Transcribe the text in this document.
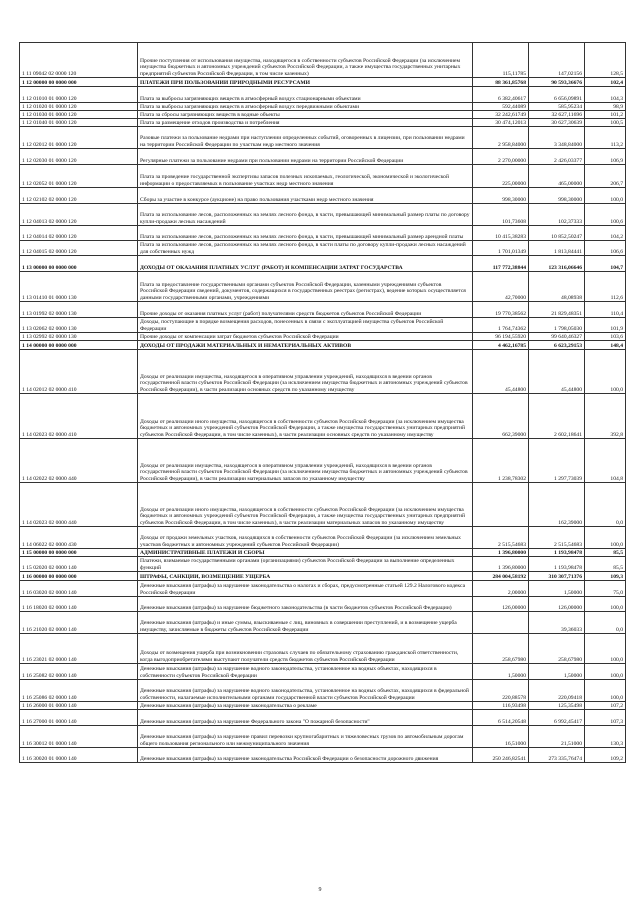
1 11 09042 02 0000 120	Прочие поступления от использования имущества, находящегося в собственности субъектов Российской Федерации (за исключением имущества бюджетных и автономных учреждений субъектов Российской Федерации, а также имущества государственных унитарных предприятий субъектов Российской Федерации, в том числе казенных)	115,11785	147,02156	128,5
1 12 00000 00 0000 000	ПЛАТЕЖИ ПРИ ПОЛЬЗОВАНИИ ПРИРОДНЫМИ РЕСУРСАМИ	88 361,85768	90 593,36676	102,4
1 12 01010 01 0000 120	Плата за выбросы загрязняющих веществ в атмосферный воздух стационарными объектами	6 382,40617	6 656,09891	104,3
1 12 01020 01 0000 120	Плата за выбросы загрязняющих веществ в атмосферный воздух передвижными объектами	592,44089	585,95234	98,9
1 12 01030 01 0000 120	Плата за сбросы загрязняющих веществ в водные объекты	32 242,61749	32 627,11696	101,2
1 12 01040 01 0000 120	Плата за размещение отходов производства и потребления	30 474,12013	30 627,30639	100,5
1 12 02012 01 0000 120	Разовые платежи за пользование недрами при наступлении определенных событий, оговоренных в лицензии, при пользовании недрами на территории Российской Федерации по участкам недр местного значения	2 958,84000	3 348,84000	113,2
1 12 02030 01 0000 120	Регулярные платежи за пользование недрами при пользовании недрами на территории Российской Федерации	2 270,00000	2 426,03377	106,9
1 12 02052 01 0000 120	Плата за проведение государственной экспертизы запасов полезных ископаемых, геологической, экономической и экологической информации о предоставляемых в пользование участках недр местного значения	225,00000	465,00000	206,7
1 12 02102 02 0000 120	Сборы за участие в конкурсе (аукционе) на право пользования участками недр местного значения	998,30000	998,30000	100,0
1 12 04013 02 0000 120	Плата за использование лесов, расположенных на землях лесного фонда, в части, превышающей минимальный размер платы по договору купли-продажи лесных насаждений	101,73608	102,37333	100,6
1 12 04014 02 0000 120	Плата за использование лесов, расположенных на землях лесного фонда, в части, превышающей минимальный размер арендной платы	10 415,38283	10 852,50247	104,2
1 12 04015 02 0000 120	Плата за использование лесов, расположенных на землях лесного фонда, в части платы по договору купли-продажи лесных насаждений для собственных нужд	1 701,01349	1 813,84441	106,6
1 13 00000 00 0000 000	ДОХОДЫ ОТ ОКАЗАНИЯ ПЛАТНЫХ УСЛУГ (РАБОТ) И КОМПЕНСАЦИИ ЗАТРАТ ГОСУДАРСТВА	117 772,38844	123 316,06646	104,7
1 13 01410 01 0000 130	Плата за предоставление государственными органами субъектов Российской Федерации, казенными учреждениями субъектов Российской Федерации сведений, документов, содержащихся в государственных реестрах (регистрах), ведение которых осуществляется данными государственными органами, учреждениями	42,70000	48,08938	112,6
1 13 01992 02 0000 130	Прочие доходы от оказания платных услуг (работ) получателями средств бюджетов субъектов Российской Федерации	19 770,38562	21 829,48351	110,4
1 13 02062 02 0000 130	Доходы, поступающие в порядке возмещения расходов, понесенных в связи с эксплуатацией имущества субъектов Российской Федерации	1 764,74362	1 798,05030	101,9
1 13 02992 02 0000 130	Прочие доходы от компенсации затрат бюджетов субъектов Российской Федерации	96 194,55920	99 640,46327	103,6
1 14 00000 00 0000 000	ДОХОДЫ ОТ ПРОДАЖИ МАТЕРИАЛЬНЫХ И НЕМАТЕРИАЛЬНЫХ АКТИВОВ	4 462,16785	6 623,29153	148,4
1 14 02012 02 0000 410	Доходы от реализации имущества, находящегося в оперативном управлении учреждений, находящихся в ведении органов государственной власти субъектов Российской Федерации (за исключением имущества бюджетных и автономных учреждений субъектов Российской Федерации), в части реализации основных средств по указанному имуществу	45,44800	45,44800	100,0
1 14 02023 02 0000 410	Доходы от реализации иного имущества, находящегося в собственности субъектов Российской Федерации (за исключением имущества бюджетных и автономных учреждений субъектов Российской Федерации, а также имущества государственных унитарных предприятий субъектов Российской Федерации, в том числе казенных), в части реализации основных средств по указанному имуществу	662,39000	2 602,18641	392,8
1 14 02022 02 0000 440	Доходы от реализации имущества, находящегося в оперативном управлении учреждений, находящихся в ведении органов государственной власти субъектов Российской Федерации (за исключением имущества бюджетных и автономных учреждений субъектов Российской Федерации), в части реализации материальных запасов по указанному имуществу	1 238,78302	1 297,73039	104,8
1 14 02023 02 0000 440	Доходы от реализации иного имущества, находящегося в собственности субъектов Российской Федерации (за исключением имущества бюджетных и автономных учреждений субъектов Российской Федерации, а также имущества государственных унитарных предприятий субъектов Российской Федерации, в том числе казенных), в части реализации материальных запасов по указанному имуществу		162,39000	0,0
1 14 06022 02 0000 430	Доходы от продажи земельных участков, находящихся в собственности субъектов Российской Федерации (за исключением земельных участков бюджетных и автономных учреждений субъектов Российской Федерации)	2 515,54683	2 515,54683	100,0
1 15 00000 00 0000 000	АДМИНИСТРАТИВНЫЕ ПЛАТЕЖИ И СБОРЫ	1 396,80000	1 193,98478	85,5
1 15 02020 02 0000 140	Платежи, взимаемые государственными органами (организациями) субъектов Российской Федерации за выполнение определенных функций	1 396,80000	1 193,98478	85,5
1 16 00000 00 0000 000	ШТРАФЫ, САНКЦИИ, ВОЗМЕЩЕНИЕ УЩЕРБА	284 004,58192	310 307,71376	109,3
1 16 03020 02 0000 140	Денежные взыскания (штрафы) за нарушение законодательства о налогах и сборах, предусмотренные статьей 129.2 Налогового кодекса Российской Федерации	2,00000	1,50000	75,0
1 16 18020 02 0000 140	Денежные взыскания (штрафы) за нарушение бюджетного законодательства (в части бюджетов субъектов Российской Федерации)	126,00000	126,00000	100,0
1 16 21020 02 0000 140	Денежные взыскания (штрафы) и иные суммы, взыскиваемые с лиц, виновных в совершении преступлений, и в возмещение ущерба имуществу, зачисляемые в бюджеты субъектов Российской Федерации		39,36033	0,0
1 16 23021 02 0000 140	Доходы от возмещения ущерба при возникновении страховых случаев по обязательному страхованию гражданской ответственности, когда выгодоприобретателями выступают получатели средств бюджетов субъектов Российской Федерации	258,67980	258,67980	100,0
1 16 25082 02 0000 140	Денежные взыскания (штрафы) за нарушение водного законодательства, установленное на водных объектах, находящихся в собственности субъектов Российской Федерации	1,50000	1,50000	100,0
1 16 25086 02 0000 140	Денежные взыскания (штрафы) за нарушение водного законодательства, установленное на водных объектах, находящихся в федеральной собственности, налагаемые исполнительными органами государственной власти субъектов Российской Федерации	220,88578	220,09418	100,0
1 16 26000 01 0000 140	Денежные взыскания (штрафы) за нарушение законодательства о рекламе	116,93498	125,35498	107,2
1 16 27000 01 0000 140	Денежные взыскания (штрафы) за нарушение Федерального закона "О пожарной безопасности"	6 514,20548	6 992,45417	107,3
1 16 30012 01 0000 140	Денежные взыскания (штрафы) за нарушение правил перевозки крупногабаритных и тяжеловесных грузов по автомобильным дорогам общего пользования регионального или межмуниципального значения	16,51000	21,51000	130,3
1 16 30020 01 0000 140	Денежные взыскания (штрафы) за нарушение законодательства Российской Федерации о безопасности дорожного движения	250 246,82541	273 335,76474	109,2
9
